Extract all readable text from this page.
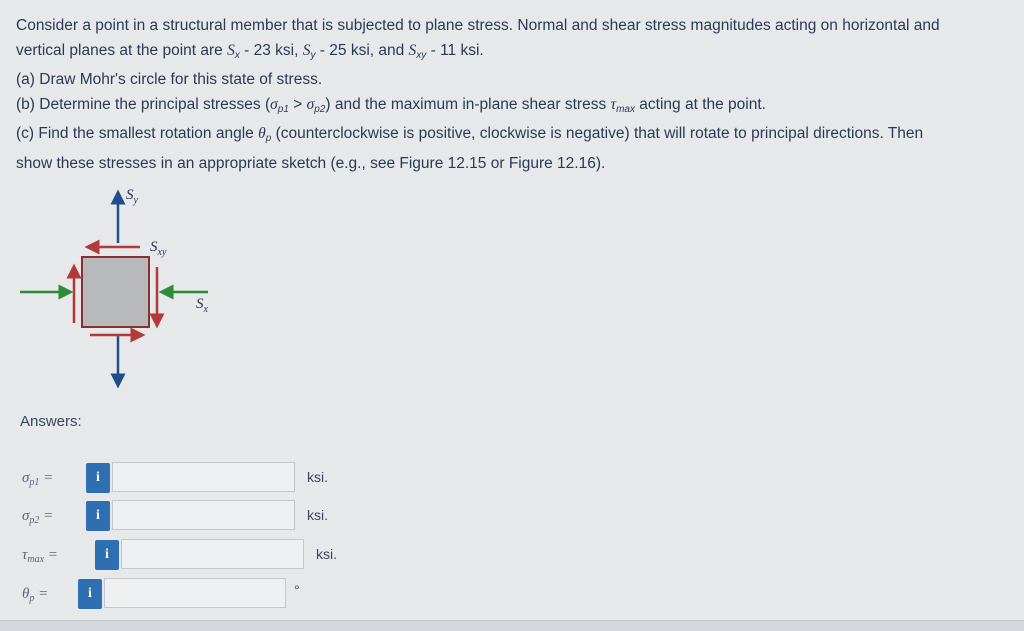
Consider a point in a structural member that is subjected to plane stress. Normal and shear stress magnitudes acting on horizontal and

vertical planes at the point are $S_x - 23$ ksi, $S_y - 25$ ksi, and $S_{xy} - 11$ ksi.

(a) Draw Mohr's circle for this state of stress.

(b) Determine the principal stresses $(\sigma_{p1} > \sigma_{p2})$ and the maximum in-plane shear stress $\tau_{max}$ acting at the point.

(c) Find the smallest rotation angle $\theta_p$ (counterclockwise is positive, clockwise is negative) that will rotate to principal directions. Then

show these stresses in an appropriate sketch (e.g., see Figure 12.15 or Figure 12.16).

$S_y$
$S_{xy}$
$S_x$
Answers:
$\sigma_{p1}$ =	i	ksi.
$\sigma_{p2}$ =	i	ksi.
$\tau_{max}$ =	i	ksi.
$\theta_p$ =	i	°
